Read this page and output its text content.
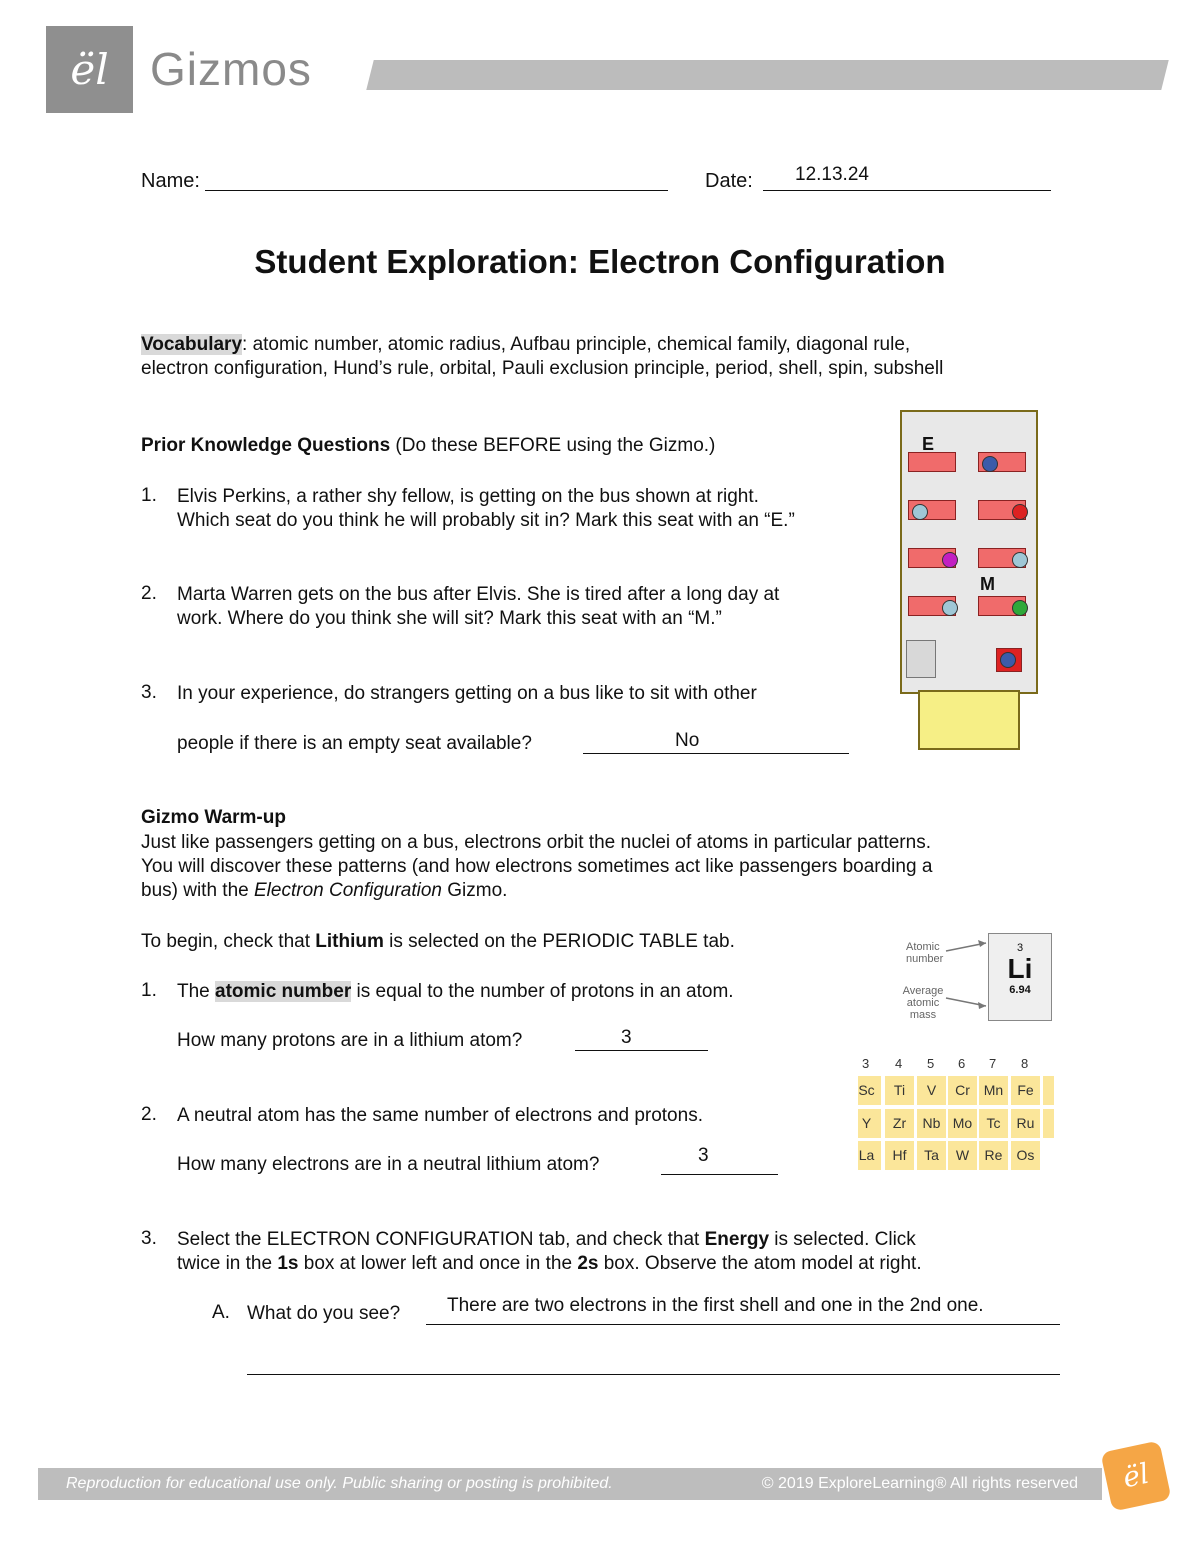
ël Gizmos
Name:	Date: 12.13.24
Student Exploration: Electron Configuration
Vocabulary: atomic number, atomic radius, Aufbau principle, chemical family, diagonal rule,
electron configuration, Hund’s rule, orbital, Pauli exclusion principle, period, shell, spin, subshell
Prior Knowledge Questions (Do these BEFORE using the Gizmo.)
1. Elvis Perkins, a rather shy fellow, is getting on the bus shown at right.
Which seat do you think he will probably sit in? Mark this seat with an “E.”
2. Marta Warren gets on the bus after Elvis. She is tired after a long day at
work. Where do you think she will sit? Mark this seat with an “M.”
3. In your experience, do strangers getting on a bus like to sit with other
people if there is an empty seat available?	No
E
M
Gizmo Warm-up
Just like passengers getting on a bus, electrons orbit the nuclei of atoms in particular patterns.
You will discover these patterns (and how electrons sometimes act like passengers boarding a
bus) with the Electron Configuration Gizmo.
To begin, check that Lithium is selected on the PERIODIC TABLE tab.
1. The atomic number is equal to the number of protons in an atom.
How many protons are in a lithium atom?	3
2. A neutral atom has the same number of electrons and protons.
How many electrons are in a neutral lithium atom?	3
Atomic
number
Average
atomic
mass
3
Li
6.94
3 4 5 6 7 8
Sc	Ti	V	Cr Mn	Fe
Y	Zr	Nb Mo	Tc	Ru
La	Hf	Ta	W	Re	Os
3. Select the ELECTRON CONFIGURATION tab, and check that Energy is selected. Click
twice in the 1s box at lower left and once in the 2s box. Observe the atom model at right.
A. What do you see? There are two electrons in the first shell and one in the 2nd one.
Reproduction for educational use only. Public sharing or posting is prohibited.	© 2019 ExploreLearning® All rights reserved	ël
